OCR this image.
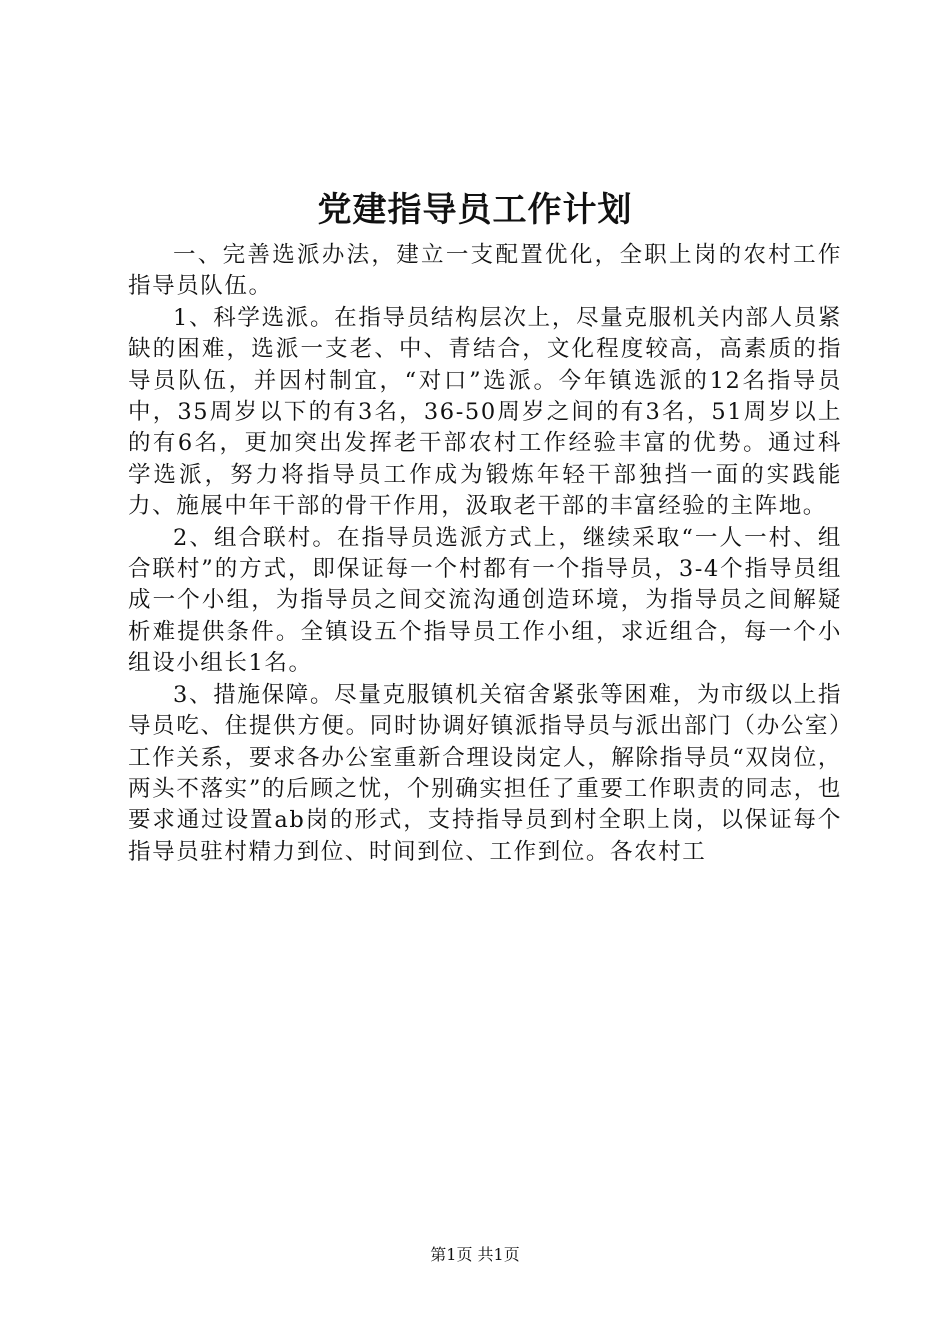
党建指导员工作计划

一、完善选派办法，建立一支配置优化，全职上岗的农村工作指导员队伍。

1、科学选派。在指导员结构层次上，尽量克服机关内部人员紧缺的困难，选派一支老、中、青结合，文化程度较高，高素质的指导员队伍，并因村制宜，“对口”选派。今年镇选派的12名指导员中，35周岁以下的有3名，36-50周岁之间的有3名，51周岁以上的有6名，更加突出发挥老干部农村工作经验丰富的优势。通过科学选派，努力将指导员工作成为锻炼年轻干部独挡一面的实践能力、施展中年干部的骨干作用，汲取老干部的丰富经验的主阵地。

2、组合联村。在指导员选派方式上，继续采取“一人一村、组合联村”的方式，即保证每一个村都有一个指导员，3-4个指导员组成一个小组，为指导员之间交流沟通创造环境，为指导员之间解疑析难提供条件。全镇设五个指导员工作小组，求近组合，每一个小组设小组长1名。

3、措施保障。尽量克服镇机关宿舍紧张等困难，为市级以上指导员吃、住提供方便。同时协调好镇派指导员与派出部门（办公室）工作关系，要求各办公室重新合理设岗定人，解除指导员“双岗位，两头不落实”的后顾之忧，个别确实担任了重要工作职责的同志，也要求通过设置ab岗的形式，支持指导员到村全职上岗，以保证每个指导员驻村精力到位、时间到位、工作到位。各农村工

第1页 共1页
